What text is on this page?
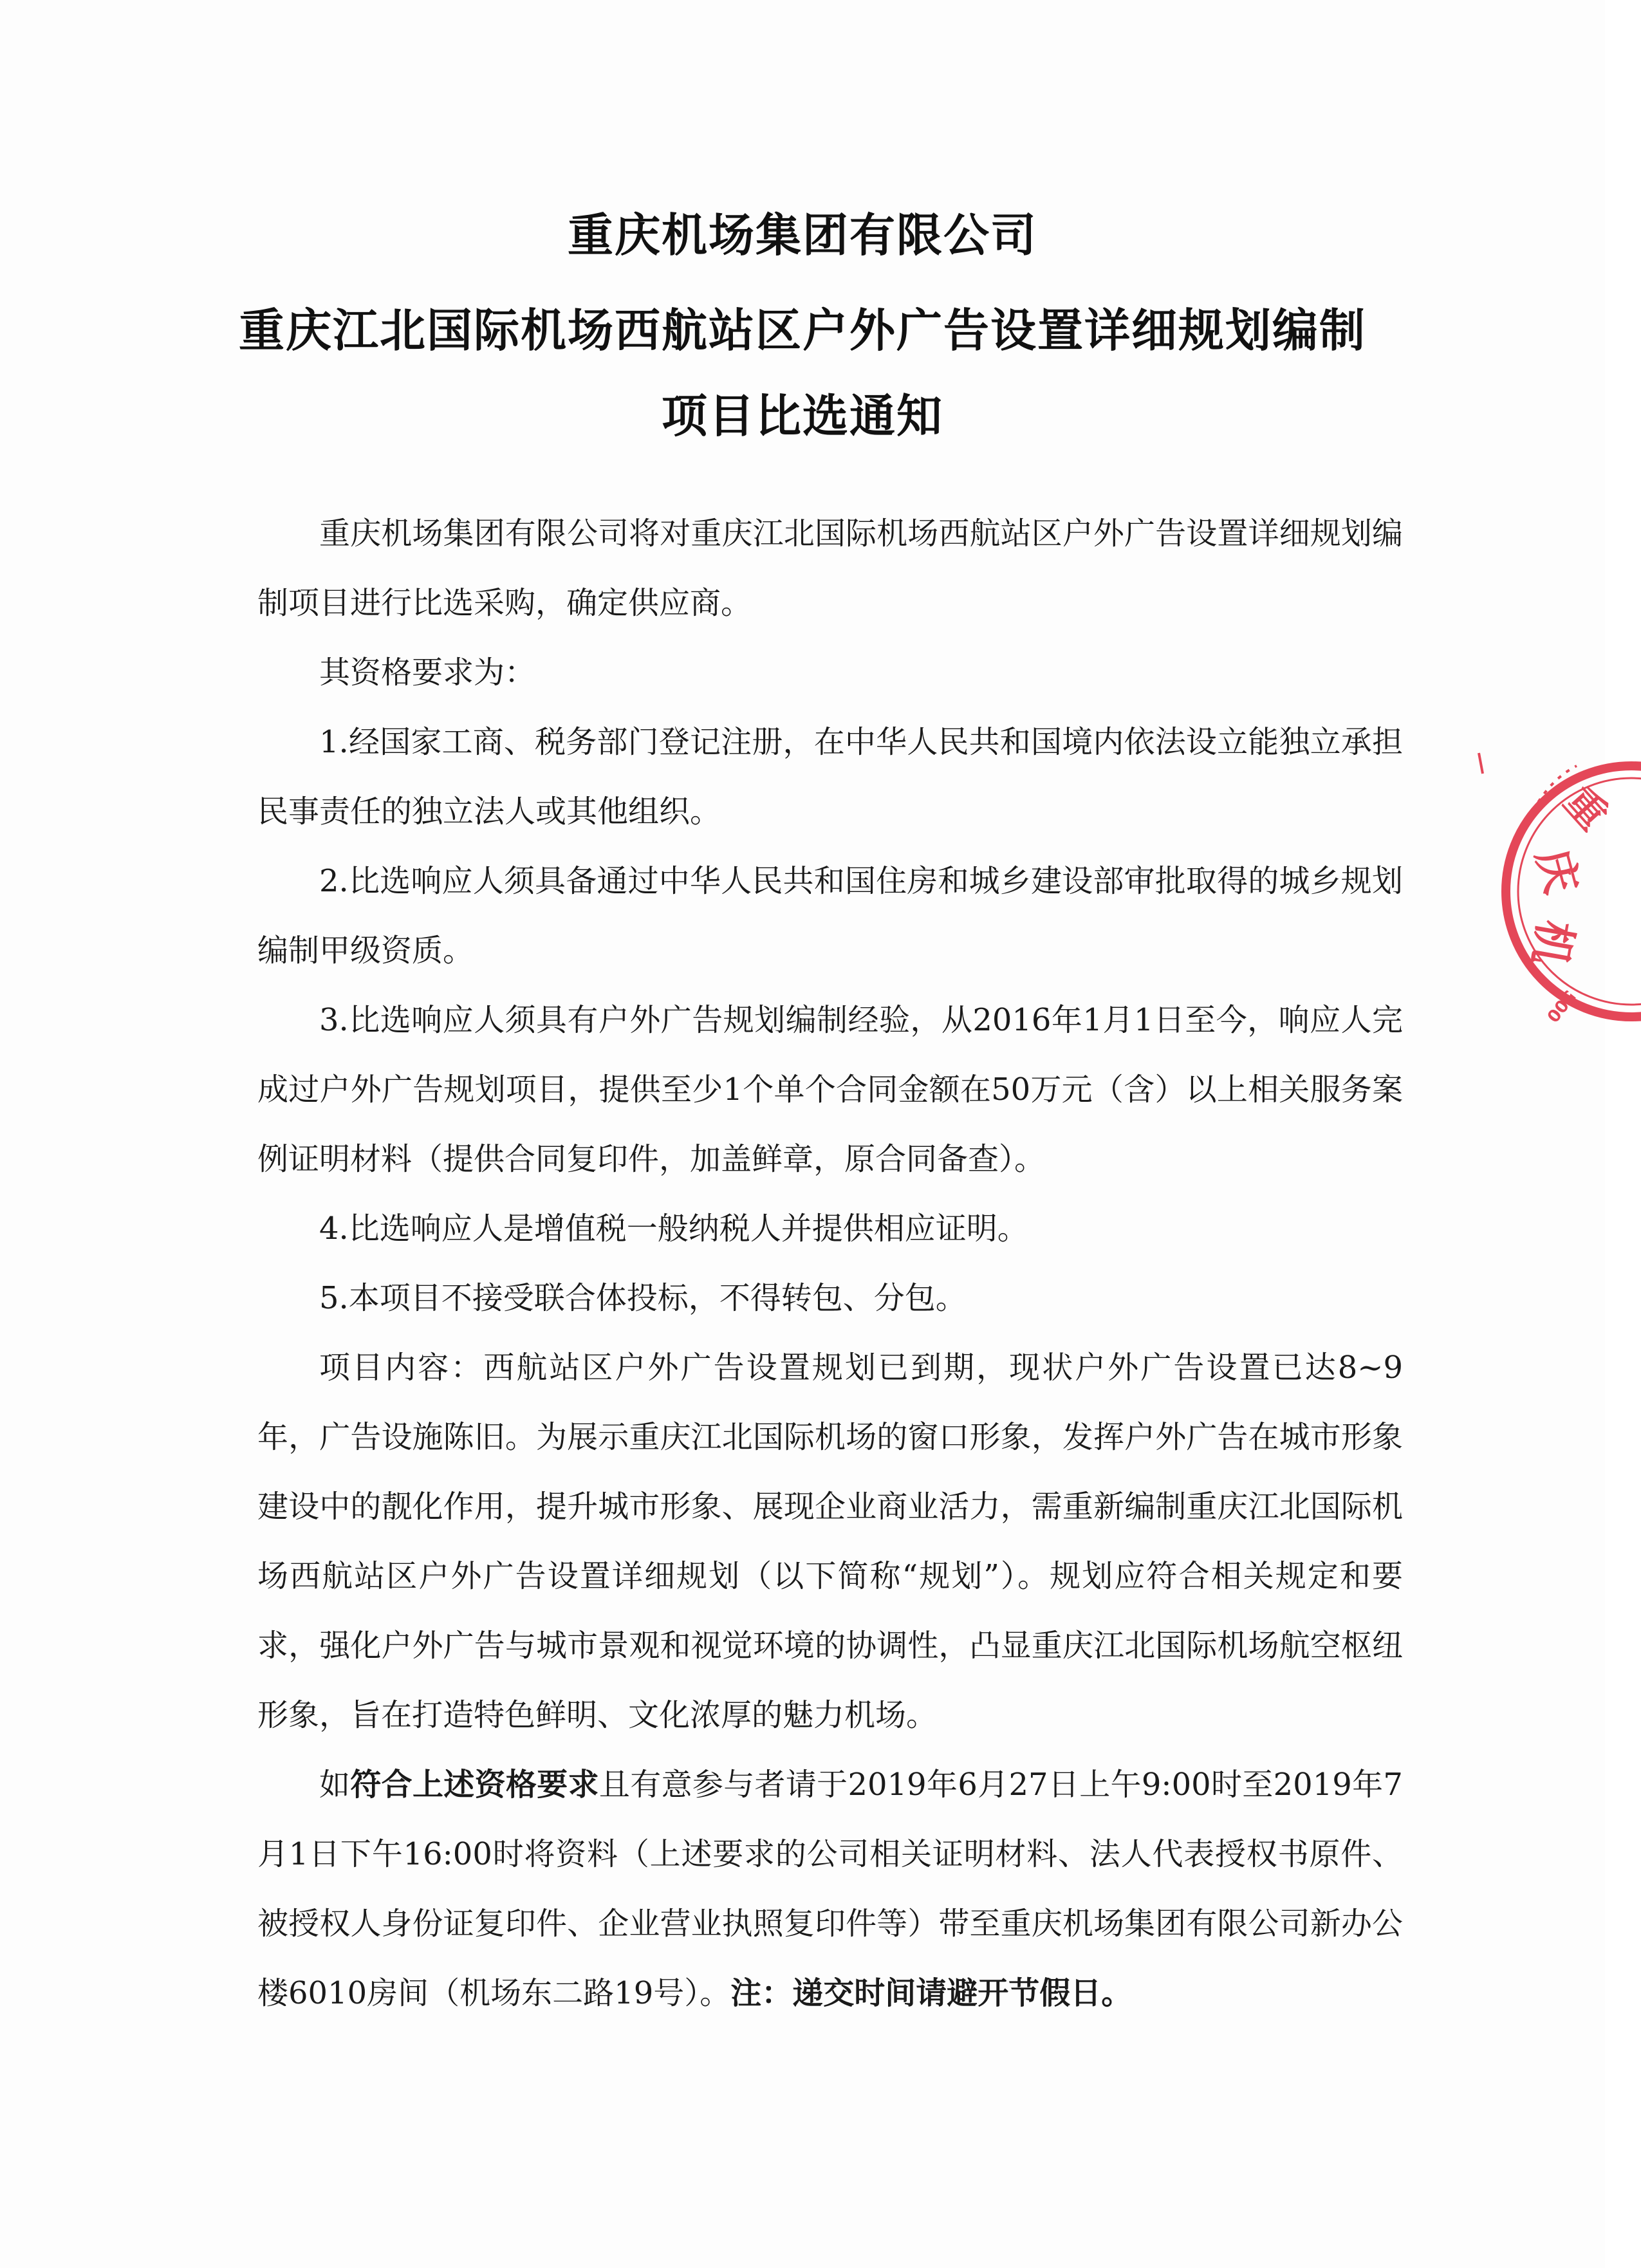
重庆机场集团有限公司
重庆江北国际机场西航站区户外广告设置详细规划编制
项目比选通知

重庆机场集团有限公司将对重庆江北国际机场西航站区户外广告设置详细规划编制项目进行比选采购，确定供应商。

其资格要求为：

1.经国家工商、税务部门登记注册，在中华人民共和国境内依法设立能独立承担民事责任的独立法人或其他组织。

2.比选响应人须具备通过中华人民共和国住房和城乡建设部审批取得的城乡规划编制甲级资质。

3.比选响应人须具有户外广告规划编制经验，从2016年1月1日至今，响应人完成过户外广告规划项目，提供至少1个单个合同金额在50万元（含）以上相关服务案例证明材料（提供合同复印件，加盖鲜章，原合同备查）。

4.比选响应人是增值税一般纳税人并提供相应证明。

5.本项目不接受联合体投标，不得转包、分包。

项目内容：西航站区户外广告设置规划已到期，现状户外广告设置已达8~9年，广告设施陈旧。为展示重庆江北国际机场的窗口形象，发挥户外广告在城市形象建设中的靓化作用，提升城市形象、展现企业商业活力，需重新编制重庆江北国际机场西航站区户外广告设置详细规划（以下简称“规划”）。规划应符合相关规定和要求，强化户外广告与城市景观和视觉环境的协调性，凸显重庆江北国际机场航空枢纽形象，旨在打造特色鲜明、文化浓厚的魅力机场。

如符合上述资格要求且有意参与者请于2019年6月27日上午9:00时至2019年7月1日下午16:00时将资料（上述要求的公司相关证明材料、法人代表授权书原件、被授权人身份证复印件、企业营业执照复印件等）带至重庆机场集团有限公司新办公楼6010房间（机场东二路19号）。注：递交时间请避开节假日。

重
庆
机
500
